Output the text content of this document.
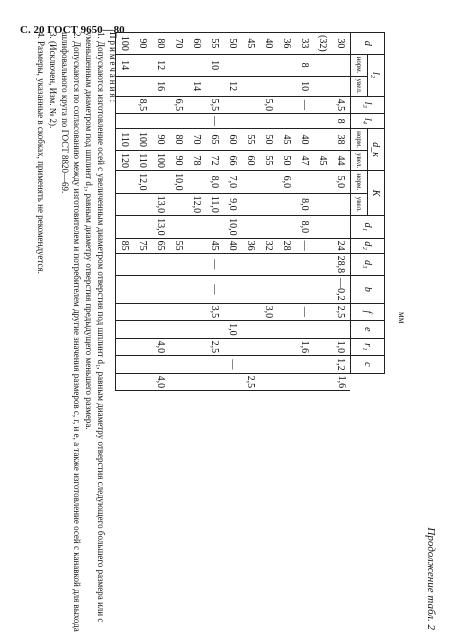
С. 20 ГОСТ 9650—80
Продолжение табл. 2
мм
d	l₂		l₃	l₄	d_к		K		d₁	d₂	d₃	b	f	e	r₁	c	
	норм.	увел.			норм.	увел.	норм.	увел.									
30			4,5	8	38	44	5,0			24	28,8	—0,2	2,5		1,0	1,2	1,6
(32)						45											
33	8	10	—		40	47		8,0	8,0	—			—		1,6		
36					45	50	6,0			28							
40			5,0		50	55				32			3,0				
45					55	60				36							2,5
50		12			60	66	7,0	9,0	10,0	40				1,0		—	
55	10		5,5	—	65	72	8,0	11,0		45	—	—	3,5		2,5		
60		14			70	78		12,0									
70			6,5		80	90	10,0			55							
80	12	16			90	100		13,0	13,0	65					4,0		4,0
90			8,5		100	110	12,0			75							
100	14				110	120				85							
Примечания:
1. Допускаются изготовление осей с увеличенным диаметром отверстия под шплинт d₁, равным диаметру отверстия следующего большего размера или с уменьшенным диаметром под шплинт d₁, равным диаметру отверстия предыдущего меньшего размера.
2. Допускаются по согласованию между изготовителем и потребителем другие значения размеров с, г, и е, а также изготовление осей с канавкой для выхода шлифовального круга по ГОСТ 8820—69.
3. (Исключен, Изм. № 2).
4. Размеры, указанные в скобках, применять не рекомендуется.
